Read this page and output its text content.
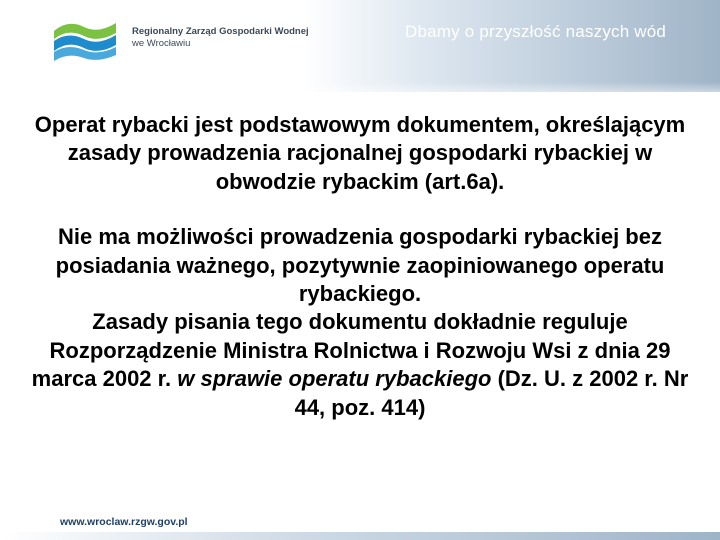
Regionalny Zarząd Gospodarki Wodnej
we Wrocławiu
Dbamy o przyszłość naszych wód

Operat rybacki jest podstawowym dokumentem, określającym zasady prowadzenia racjonalnej gospodarki rybackiej w obwodzie rybackim (art.6a).

Nie ma możliwości prowadzenia gospodarki rybackiej bez posiadania ważnego, pozytywnie zaopiniowanego operatu rybackiego.

Zasady pisania tego dokumentu dokładnie reguluje Rozporządzenie Ministra Rolnictwa i Rozwoju Wsi z dnia 29 marca 2002 r. w sprawie operatu rybackiego (Dz. U. z 2002 r. Nr 44, poz. 414)

www.wroclaw.rzgw.gov.pl
